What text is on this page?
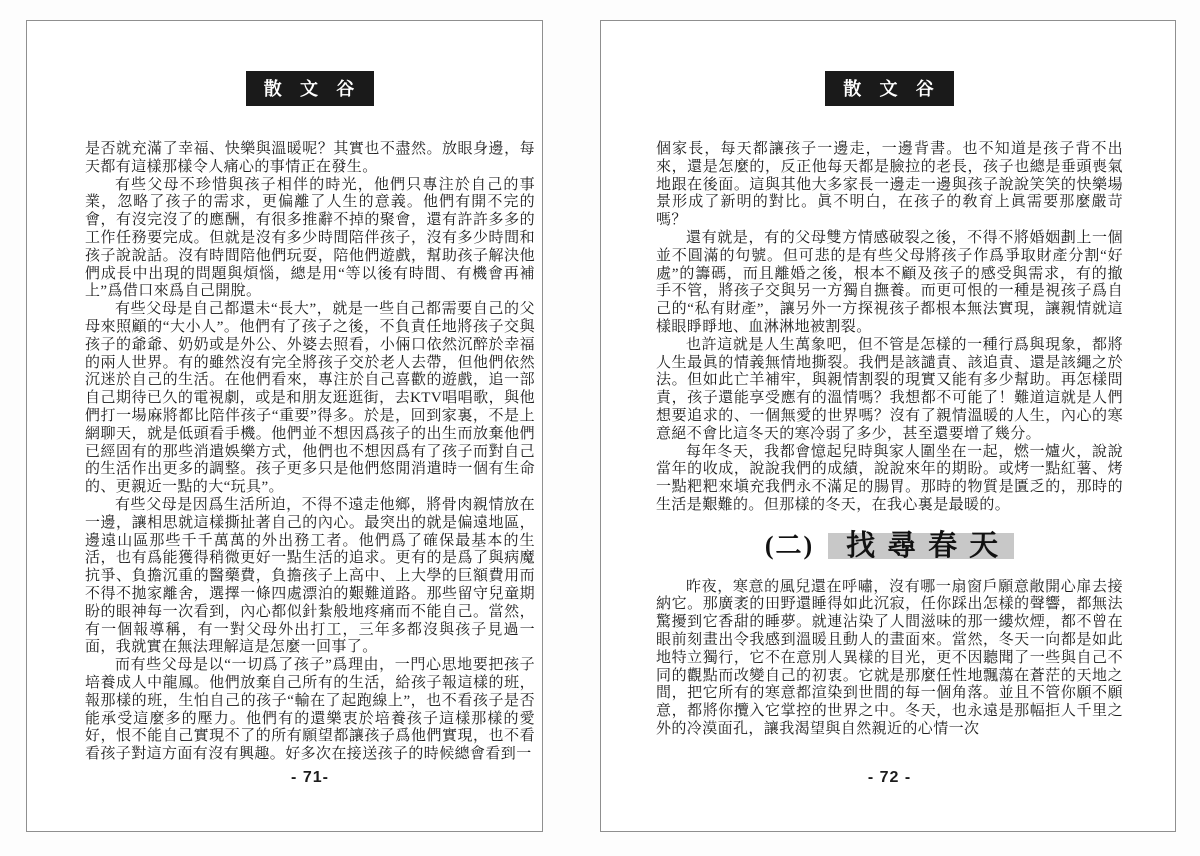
散 文 谷

是否就充滿了幸福、快樂與溫暖呢？其實也不盡然。放眼身邊，每天都有這樣那樣令人痛心的事情正在發生。

有些父母不珍惜與孩子相伴的時光，他們只專注於自己的事業，忽略了孩子的需求，更偏離了人生的意義。他們有開不完的會，有沒完沒了的應酬，有很多推辭不掉的聚會，還有許許多多的工作任務要完成。但就是沒有多少時間陪伴孩子，沒有多少時間和孩子說說話。沒有時間陪他們玩耍，陪他們遊戲，幫助孩子解決他們成長中出現的問題與煩惱，總是用“等以後有時間、有機會再補上”爲借口來爲自己開脫。

有些父母是自己都還未“長大”，就是一些自己都需要自己的父母來照顧的“大小人”。他們有了孩子之後，不負責任地將孩子交與孩子的爺爺、奶奶或是外公、外婆去照看，小倆口依然沉醉於幸福的兩人世界。有的雖然沒有完全將孩子交於老人去帶，但他們依然沉迷於自己的生活。在他們看來，專注於自己喜歡的遊戲，追一部自己期待已久的電視劇，或是和朋友逛逛街，去KTV唱唱歌，與他們打一場麻將都比陪伴孩子“重要”得多。於是，回到家裏，不是上網聊天，就是低頭看手機。他們並不想因爲孩子的出生而放棄他們已經固有的那些消遣娛樂方式，他們也不想因爲有了孩子而對自己的生活作出更多的調整。孩子更多只是他們悠閒消遣時一個有生命的、更親近一點的大“玩具”。

有些父母是因爲生活所迫，不得不遠走他鄉，將骨肉親情放在一邊，讓相思就這樣撕扯著自己的內心。最突出的就是偏遠地區，邊遠山區那些千千萬萬的外出務工者。他們爲了確保最基本的生活，也有爲能獲得稍微更好一點生活的追求。更有的是爲了與病魔抗爭、負擔沉重的醫藥費，負擔孩子上高中、上大學的巨額費用而不得不拋家離舍，選擇一條四處漂泊的艱難道路。那些留守兒童期盼的眼神每一次看到，內心都似針紮般地疼痛而不能自己。當然，有一個報導稱，有一對父母外出打工，三年多都沒與孩子見過一面，我就實在無法理解這是怎麼一回事了。

而有些父母是以“一切爲了孩子”爲理由，一門心思地要把孩子培養成人中龍鳳。他們放棄自己所有的生活，給孩子報這樣的班，報那樣的班，生怕自己的孩子“輸在了起跑線上”，也不看孩子是否能承受這麼多的壓力。他們有的還樂衷於培養孩子這樣那樣的愛好，恨不能自己實現不了的所有願望都讓孩子爲他們實現，也不看看孩子對這方面有沒有興趣。好多次在接送孩子的時候總會看到一

- 71-
散 文 谷

個家長，每天都讓孩子一邊走，一邊背書。也不知道是孩子背不出來，還是怎麼的，反正他每天都是臉拉的老長，孩子也總是垂頭喪氣地跟在後面。這與其他大多家長一邊走一邊與孩子說說笑笑的快樂場景形成了新明的對比。眞不明白，在孩子的敎育上眞需要那麼嚴苛嗎？

還有就是，有的父母雙方情感破裂之後，不得不將婚姻劃上一個並不圓滿的句號。但可悲的是有些父母將孩子作爲爭取財產分割“好處”的籌碼，而且離婚之後，根本不顧及孩子的感受與需求，有的撤手不管，將孩子交與另一方獨自撫養。而更可恨的一種是視孩子爲自己的“私有財產”，讓另外一方探視孩子都根本無法實現，讓親情就這樣眼睜睜地、血淋淋地被割裂。

也許這就是人生萬象吧，但不管是怎樣的一種行爲與現象，都將人生最眞的情義無情地撕裂。我們是該譴責、該追責、還是該繩之於法。但如此亡羊補牢，與親情割裂的現實又能有多少幫助。再怎樣問責，孩子還能享受應有的溫情嗎？我想都不可能了！難道這就是人們想要追求的、一個無愛的世界嗎？沒有了親情溫暖的人生，內心的寒意絕不會比這冬天的寒冷弱了多少，甚至還要增了幾分。

每年冬天，我都會憶起兒時與家人圍坐在一起，燃一爐火，說說當年的收成，說說我們的成績，說說來年的期盼。或烤一點紅薯、烤一點粑粑來塡充我們永不滿足的腸胃。那時的物質是匱乏的，那時的生活是艱難的。但那樣的冬天，在我心裏是最暖的。

(二) 找尋春天

昨夜，寒意的風兒還在呼嘯，沒有哪一扇窗戶願意敞開心扉去接納它。那廣袤的田野還睡得如此沉寂，任你踩出怎樣的聲響，都無法驚擾到它香甜的睡夢。就連沾染了人間滋味的那一縷炊煙，都不曾在眼前刻畫出令我感到溫暖且動人的畫面來。當然，冬天一向都是如此地特立獨行，它不在意別人異樣的目光，更不因聽聞了一些與自己不同的觀點而改變自己的初衷。它就是那麼任性地飄蕩在蒼茫的天地之間，把它所有的寒意都渲染到世間的每一個角落。並且不管你願不願意，都將你攬入它掌控的世界之中。冬天，也永遠是那幅拒人千里之外的冷漠面孔，讓我渴望與自然親近的心情一次

- 72 -
